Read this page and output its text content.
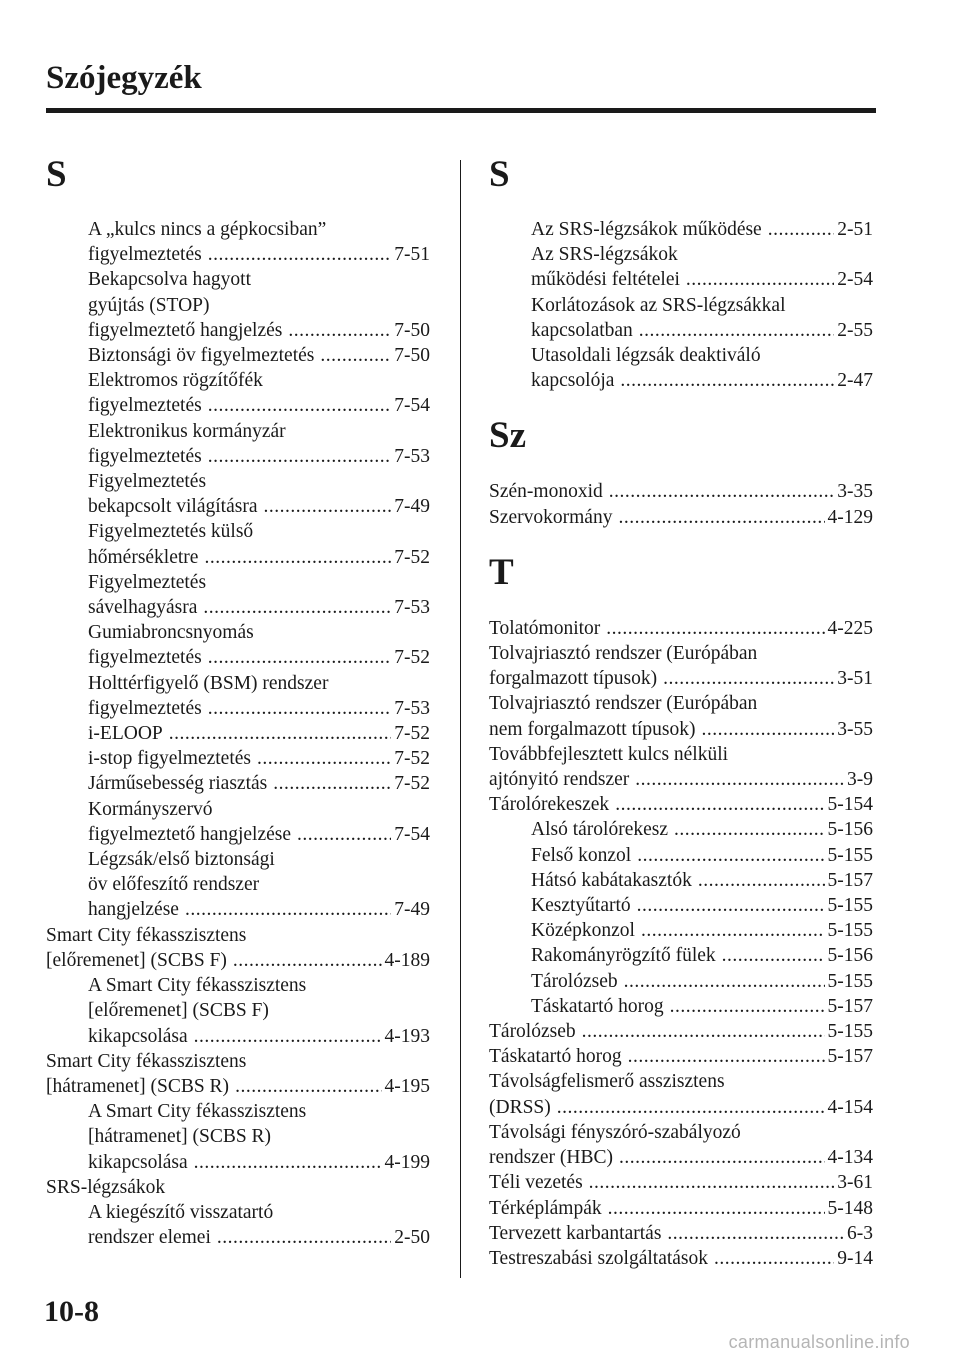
Szójegyzék
S
A „kulcs nincs a gépkocsiban”
figyelmeztetés .....	7-51
Bekapcsolva hagyott
gyújtás (STOP)
figyelmeztető hangjelzés .....	7-50
Biztonsági öv figyelmeztetés .....	7-50
Elektromos rögzítőfék
figyelmeztetés .....	7-54
Elektronikus kormányzár
figyelmeztetés .....	7-53
Figyelmeztetés
bekapcsolt világításra .....	7-49
Figyelmeztetés külső
hőmérsékletre .....	7-52
Figyelmeztetés
sávelhagyásra .....	7-53
Gumiabroncsnyomás
figyelmeztetés .....	7-52
Holttérfigyelő (BSM) rendszer
figyelmeztetés .....	7-53
i-ELOOP .....	7-52
i-stop figyelmeztetés .....	7-52
Járműsebesség riasztás .....	7-52
Kormányszervó
figyelmeztető hangjelzése .....	7-54
Légzsák/első biztonsági
öv előfeszítő rendszer
hangjelzése .....	7-49
Smart City fékasszisztens
[előremenet] (SCBS F) .....	4-189
A Smart City fékasszisztens
[előremenet] (SCBS F)
kikapcsolása .....	4-193
Smart City fékasszisztens
[hátramenet] (SCBS R) .....	4-195
A Smart City fékasszisztens
[hátramenet] (SCBS R)
kikapcsolása .....	4-199
SRS-légzsákok
A kiegészítő visszatartó
rendszer elemei .....	2-50
S
Az SRS-légzsákok működése .....	2-51
Az SRS-légzsákok
működési feltételei .....	2-54
Korlátozások az SRS-légzsákkal
kapcsolatban .....	2-55
Utasoldali légzsák deaktiváló
kapcsolója .....	2-47
Sz
Szén-monoxid .....	3-35
Szervokormány .....	4-129
T
Tolatómonitor .....	4-225
Tolvajriasztó rendszer (Európában
forgalmazott típusok) .....	3-51
Tolvajriasztó rendszer (Európában
nem forgalmazott típusok) .....	3-55
Továbbfejlesztett kulcs nélküli
ajtónyitó rendszer .....	3-9
Tárolórekeszek .....	5-154
Alsó tárolórekesz .....	5-156
Felső konzol .....	5-155
Hátsó kabátakasztók .....	5-157
Kesztyűtartó .....	5-155
Középkonzol .....	5-155
Rakományrögzítő fülek .....	5-156
Tárolózseb .....	5-155
Táskatartó horog .....	5-157
Tárolózseb .....	5-155
Táskatartó horog .....	5-157
Távolságfelismerő asszisztens
(DRSS) .....	4-154
Távolsági fényszóró-szabályozó
rendszer (HBC) .....	4-134
Téli vezetés .....	3-61
Térképlámpák .....	5-148
Tervezett karbantartás .....	6-3
Testreszabási szolgáltatások .....	9-14
10-8
carmanualsonline.info
